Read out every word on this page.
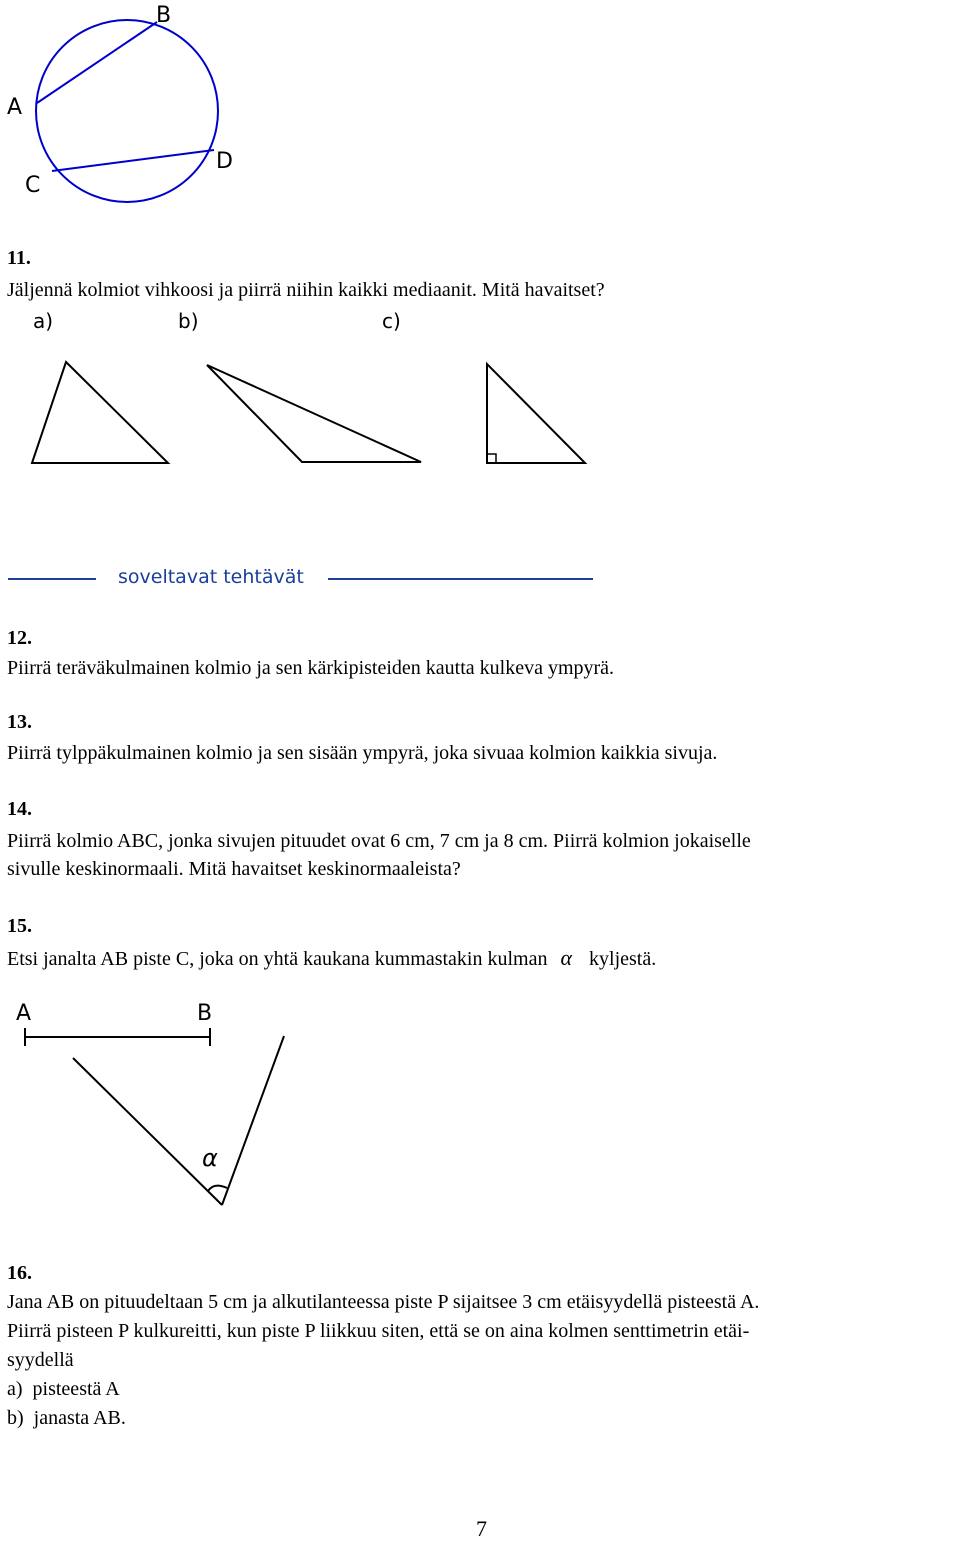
B
A
D
C
a)	b)	c)
A	B
α
11.
Jäljennä kolmiot vihkoosi ja piirrä niihin kaikki mediaanit. Mitä havaitset?
soveltavat tehtävät
12.
Piirrä teräväkulmainen kolmio ja sen kärkipisteiden kautta kulkeva ympyrä.
13.
Piirrä tylppäkulmainen kolmio ja sen sisään ympyrä, joka sivuaa kolmion kaikkia sivuja.
14.
Piirrä kolmio ABC, jonka sivujen pituudet ovat 6 cm, 7 cm ja 8 cm. Piirrä kolmion jokaiselle
sivulle keskinormaali. Mitä havaitset keskinormaaleista?
15.
Etsi janalta AB piste C, joka on yhtä kaukana kummastakin kulman α kyljestä.
16.
Jana AB on pituudeltaan 5 cm ja alkutilanteessa piste P sijaitsee 3 cm etäisyydellä pisteestä A.
Piirrä pisteen P kulkureitti, kun piste P liikkuu siten, että se on aina kolmen senttimetrin etäi-
syydellä
a)  pisteestä A
b)  janasta AB.
7
